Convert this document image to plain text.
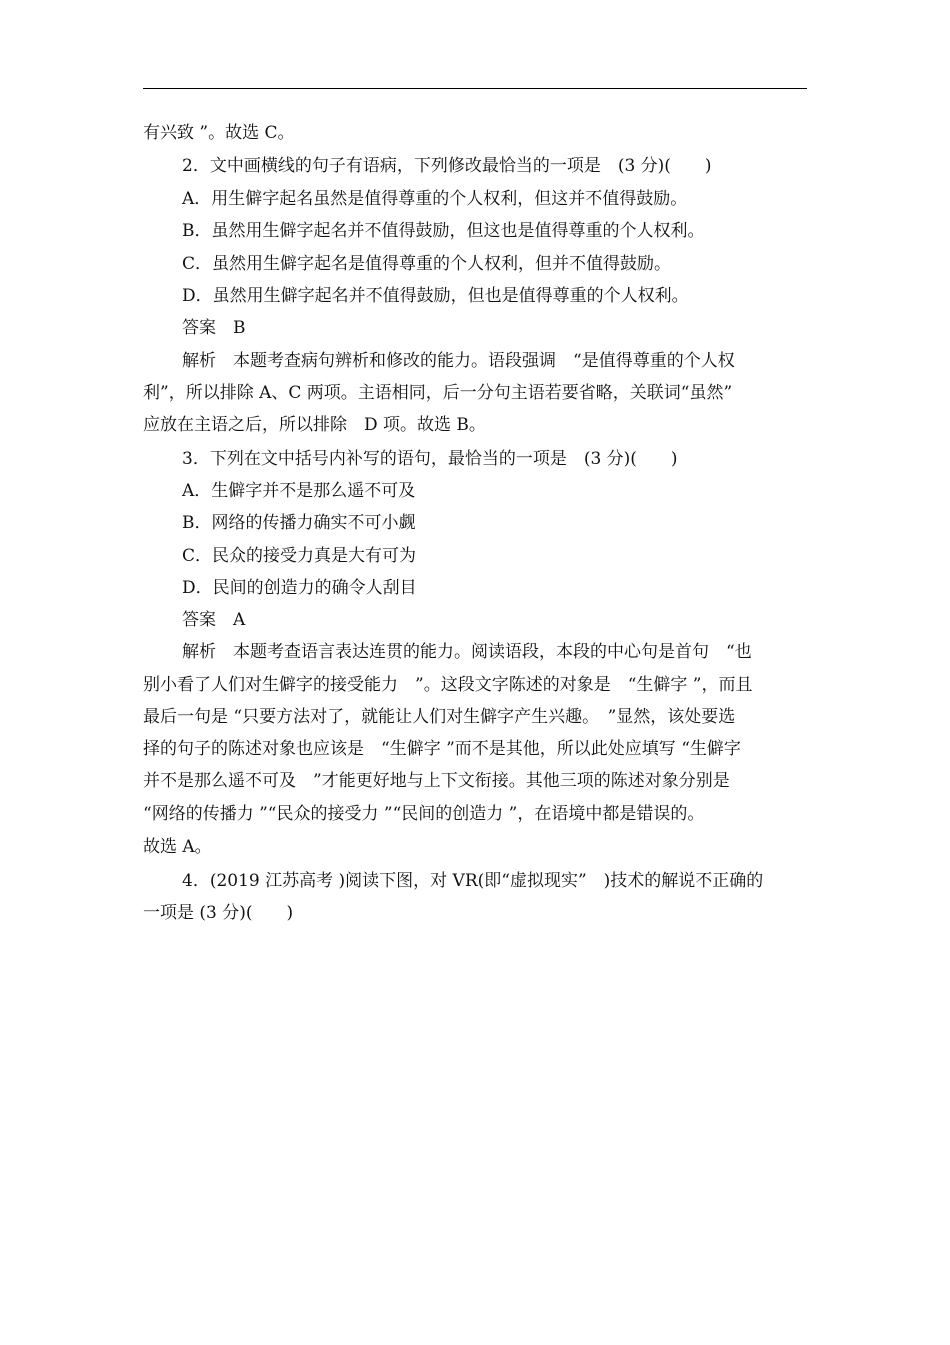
有兴致 ”。故选 C。
2．文中画横线的句子有语病，下列修改最恰当的一项是　(3 分)(　　)
A．用生僻字起名虽然是值得尊重的个人权利，但这并不值得鼓励。
B．虽然用生僻字起名并不值得鼓励，但这也是值得尊重的个人权利。
C．虽然用生僻字起名是值得尊重的个人权利，但并不值得鼓励。
D．虽然用生僻字起名并不值得鼓励，但也是值得尊重的个人权利。
答案　B
解析　本题考查病句辨析和修改的能力。语段强调　“是值得尊重的个人权
利”，所以排除 A、C 两项。主语相同，后一分句主语若要省略，关联词“虽然”
应放在主语之后，所以排除　D 项。故选 B。
3．下列在文中括号内补写的语句，最恰当的一项是　(3 分)(　　)
A．生僻字并不是那么遥不可及
B．网络的传播力确实不可小觑
C．民众的接受力真是大有可为
D．民间的创造力的确令人刮目
答案　A
解析　本题考查语言表达连贯的能力。阅读语段，本段的中心句是首句　“也
别小看了人们对生僻字的接受能力　”。这段文字陈述的对象是　“生僻字 ”，而且
最后一句是 “只要方法对了，就能让人们对生僻字产生兴趣。　”显然，该处要选
择的句子的陈述对象也应该是　“生僻字 ”而不是其他，所以此处应填写 “生僻字
并不是那么遥不可及　”才能更好地与上下文衔接。其他三项的陈述对象分别是
“网络的传播力 ”“民众的接受力 ”“民间的创造力 ”，在语境中都是错误的。
故选 A。
4．(2019 江苏高考 )阅读下图，对 VR(即“虚拟现实”　)技术的解说不正确的
一项是 (3 分)(　　)
